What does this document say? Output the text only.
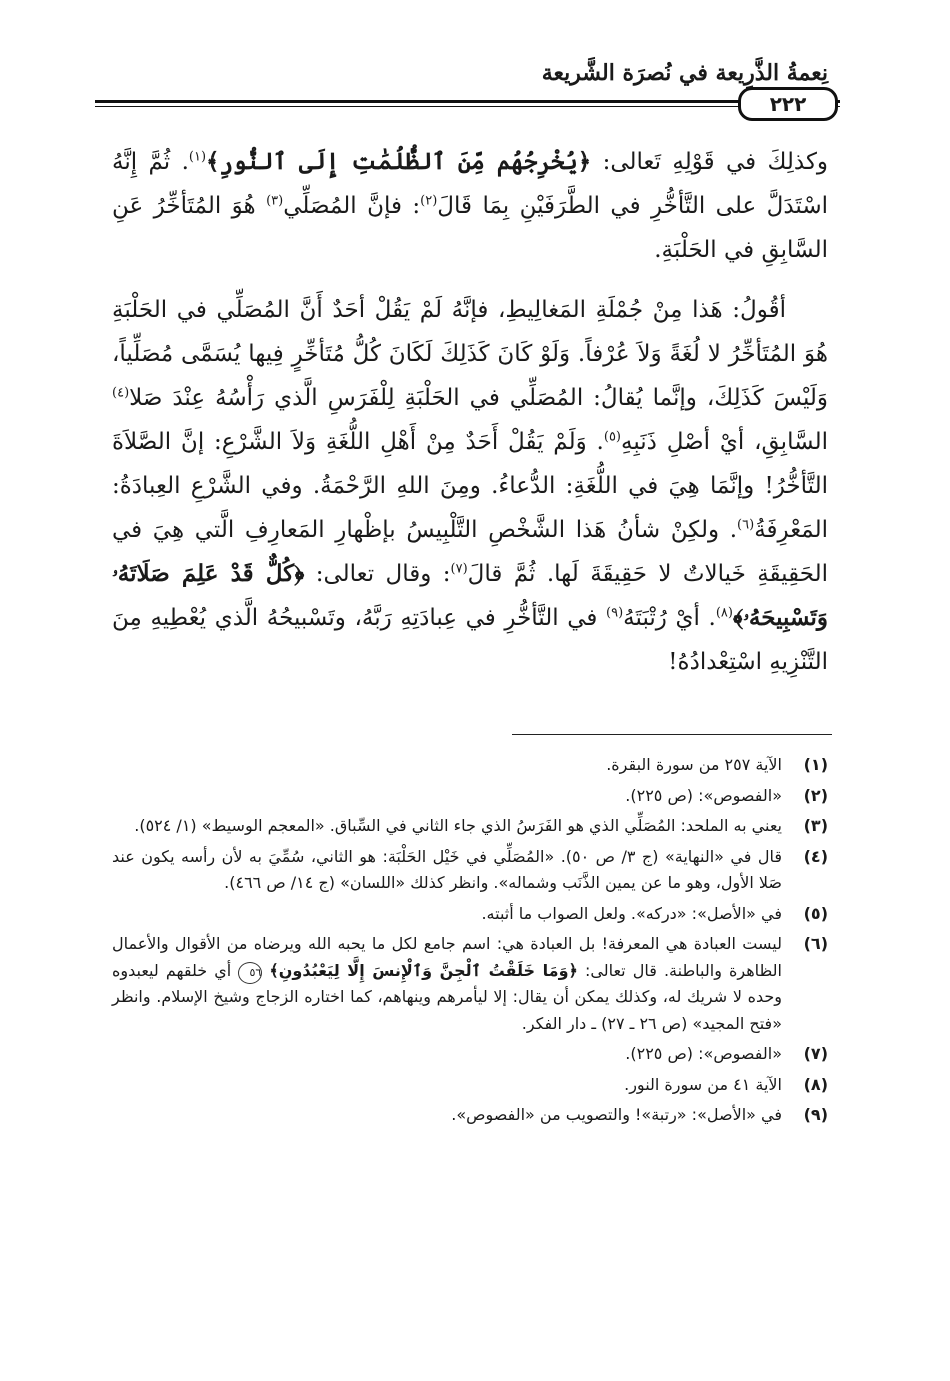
نِعمةُ الذَّرِيعة في نُصرَة الشَّريعة
٢٢٢

وكذلِكَ في قَوْلِهِ تَعالى: ﴿يُخْرِجُهُم مِّنَ ٱلظُّلُمَٰتِ إِلَى ٱلنُّورِ﴾$^{(١)}$. ثُمَّ إِنَّهُ اسْتَدَلَّ على التَّأخُّرِ في الطَّرَفَيْنِ بِمَا قَالَ$^{(٢)}$: فإنَّ المُصَلِّي$^{(٣)}$ هُوَ المُتَأخِّرُ عَنِ السَّابِقِ في الحَلْبَةِ.

أقُولُ: هَذا مِنْ جُمْلَةِ المَغالِيطِ، فإنَّهُ لَمْ يَقُلْ أحَدٌ أَنَّ المُصَلِّي في الحَلْبَةِ هُوَ المُتَأخِّرُ لا لُغَةً وَلاَ عُرْفاً. وَلَوْ كَانَ كَذَلِكَ لَكَانَ كُلُّ مُتَأخِّرٍ فِيها يُسَمَّى مُصَلِّياً، وَلَيْسَ كَذَلِكَ، وإنَّما يُقالُ: المُصَلِّي في الحَلْبَةِ لِلْفَرَسِ الَّذي رَأْسُهُ عِنْدَ صَلا$^{(٤)}$ السَّابِقِ، أيْ أصْلِ ذَنَبِهِ$^{(٥)}$. وَلَمْ يَقُلْ أَحَدٌ مِنْ أَهْلِ اللُّغَةِ وَلاَ الشَّرْعِ: إنَّ الصَّلاَةَ التَّأخُّرُ! وإنَّمَا هِيَ في اللُّغَةِ: الدُّعاءُ. ومِنَ اللهِ الرَّحْمَةُ. وفي الشَّرْعِ العِبادَةُ: المَعْرِفَةُ$^{(٦)}$. ولكِنْ شأنُ هَذا الشَّخْصِ التَّلْبِيسُ بإظْهارِ المَعارِفِ الَّتي هِيَ في الحَقِيقَةِ خَيالاتٌ لا حَقِيقَةَ لَها. ثُمَّ قالَ$^{(٧)}$: وقال تعالى: ﴿كُلٌّ قَدْ عَلِمَ صَلَاتَهُۥ وَتَسْبِيحَهُۥ﴾$^{(٨)}$. أيْ رُتْبَتَهُ$^{(٩)}$ في التَّأخُّرِ في عِبادَتِهِ رَبَّهُ، وتَسْبيحُهُ الَّذي يُعْطِيهِ مِنَ التَّنْزِيهِ اسْتِعْدادُهُ!

(١)
الآية ٢٥٧ من سورة البقرة.
(٢)
«الفصوص»: (ص ٢٢٥).
(٣)
يعني به الملحد: المُصَلِّي الذي هو الفَرَسُ الذي جاء الثاني في السِّباق. «المعجم الوسيط» (١/ ٥٢٤).
(٤)
قال في «النهاية» (ج ٣/ ص ٥٠). «المُصَلِّي في خَيْل الحَلْبَة: هو الثاني، سُمِّيَ به لأن رأسه يكون عند صَلا الأول، وهو ما عن يمين الذَّنَب وشماله». وانظر كذلك «اللسان» (ج ١٤/ ص ٤٦٦).
(٥)
في «الأصل»: «دركه». ولعل الصواب ما أثبته.
(٦)
ليست العبادة هي المعرفة! بل العبادة هي: اسم جامع لكل ما يحبه الله ويرضاه من الأقوال والأعمال الظاهرة والباطنة. قال تعالى: ﴿وَمَا خَلَقْتُ ٱلْجِنَّ وَٱلْإِنسَ إِلَّا لِيَعْبُدُونِ﴾ ٥٦ أي خلقهم ليعبدوه وحده لا شريك له، وكذلك يمكن أن يقال: إلا ليأمرهم وينهاهم، كما اختاره الزجاج وشيخ الإسلام. وانظر «فتح المجيد» (ص ٢٦ ـ ٢٧) ـ دار الفكر.
(٧)
«الفصوص»: (ص ٢٢٥).
(٨)
الآية ٤١ من سورة النور.
(٩)
في «الأصل»: «رتبة»! والتصويب من «الفصوص».
